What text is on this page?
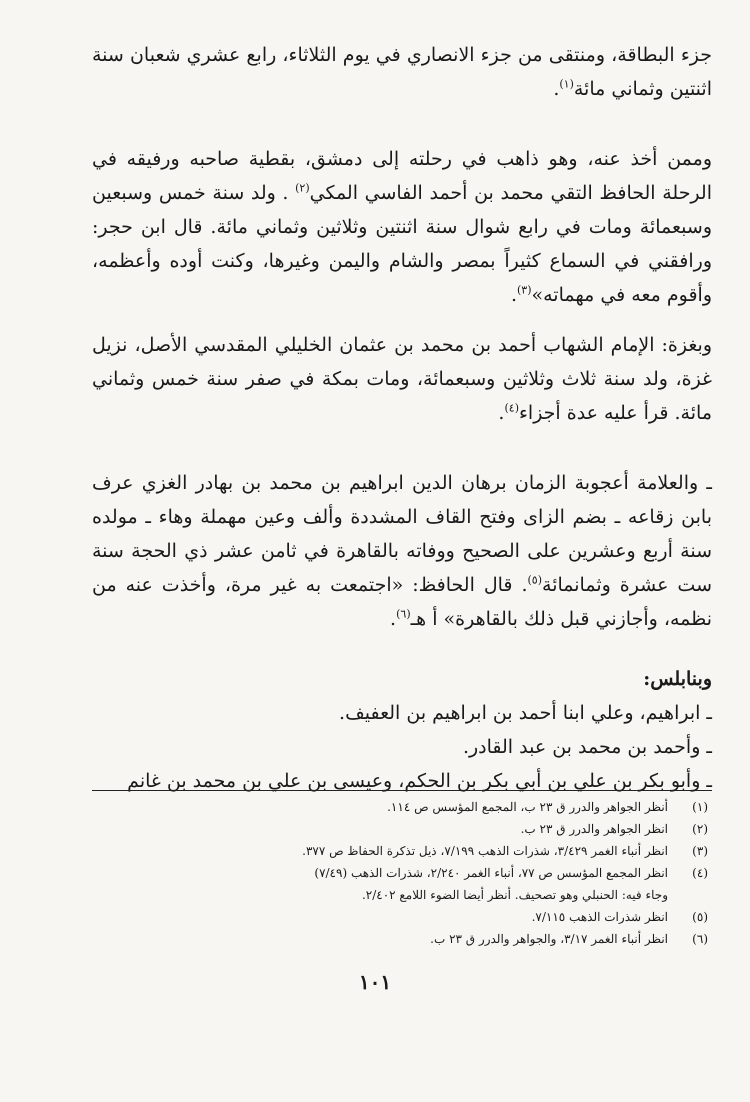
جزء البطاقة، ومنتقى من جزء الانصاري في يوم الثلاثاء، رابع عشري شعبان سنة اثنتين وثماني مائة$^{(١)}$.

وممن أخذ عنه، وهو ذاهب في رحلته إلى دمشق، بقطية صاحبه ورفيقه في الرحلة الحافظ التقي محمد بن أحمد الفاسي المكي$^{(٢)}$ . ولد سنة خمس وسبعين وسبعمائة ومات في رابع شوال سنة اثنتين وثلاثين وثماني مائة. قال ابن حجر: ورافقني في السماع كثيراً بمصر والشام واليمن وغيرها، وكنت أوده وأعظمه، وأقوم معه في مهماته»$^{(٣)}$.

وبغزة: الإمام الشهاب أحمد بن محمد بن عثمان الخليلي المقدسي الأصل، نزيل غزة، ولد سنة ثلاث وثلاثين وسبعمائة، ومات بمكة في صفر سنة خمس وثماني مائة. قرأ عليه عدة أجزاء$^{(٤)}$.

ـ والعلامة أعجوبة الزمان برهان الدين ابراهيم بن محمد بن بهادر الغزي عرف بابن زقاعه ـ بضم الزاى وفتح القاف المشددة وألف وعين مهملة وهاء ـ مولده سنة أربع وعشرين على الصحيح ووفاته بالقاهرة في ثامن عشر ذي الحجة سنة ست عشرة وثمانمائة$^{(٥)}$. قال الحافظ: «اجتمعت به غير مرة، وأخذت عنه من نظمه، وأجازني قبل ذلك بالقاهرة» أ هـ$^{(٦)}$.

وبنابلس:

ـ ابراهيم، وعلي ابنا أحمد بن ابراهيم بن العفيف.

ـ وأحمد بن محمد بن عبد القادر.

ـ وأبو بكر بن علي بن أبي بكر بن الحكم، وعيسى بن علي بن محمد بن غانم

(١)
أنظر الجواهر والدرر ق ٢٣ ب، المجمع المؤسس ص ١١٤.
(٢)
انظر الجواهر والدرر ق ٢٣ ب.
(٣)
انظر أنباء الغمر ٣/٤٢٩، شذرات الذهب ٧/١٩٩، ذيل تذكرة الحفاظ ص ٣٧٧.
(٤)
انظر المجمع المؤسس ص ٧٧، أنباء الغمر ٢/٢٤٠، شذرات الذهب (٧/٤٩)
وجاء فيه: الحنبلي وهو تصحيف. أنظر أيضا الضوء اللامع ٢/٤٠٢.
(٥)
انظر شذرات الذهب ٧/١١٥.
(٦)
انظر أنباء الغمر ٣/١٧، والجواهر والدرر ق ٢٣ ب.
١٠١
